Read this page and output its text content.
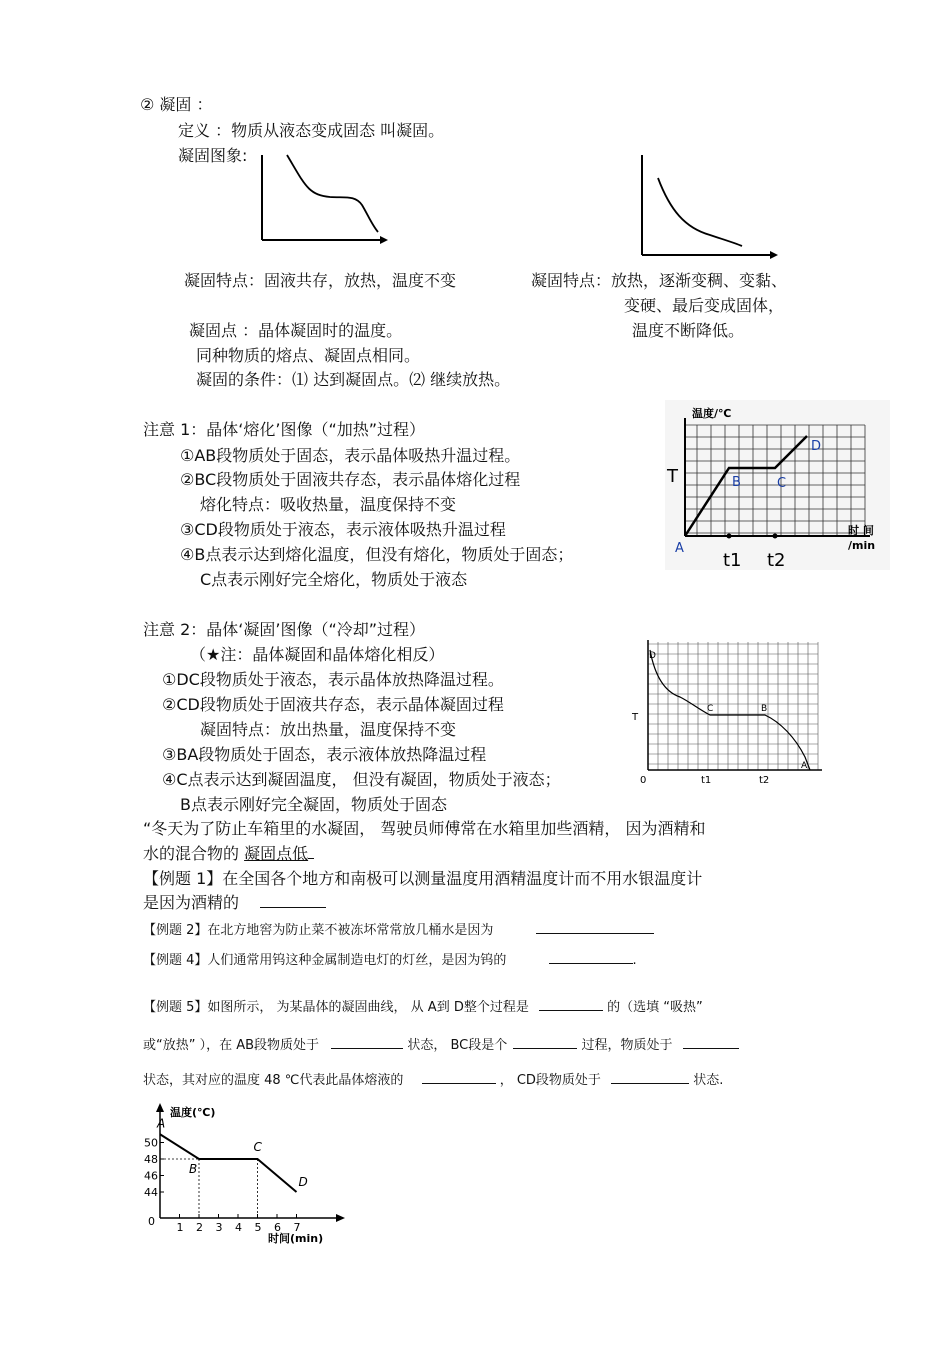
② 凝固 ：
定义 ：物质从液态变成固态 叫凝固。
凝固图象:
凝固特点：固液共存，放热，温度不变	凝固特点：放热，逐渐变稠、变黏、
变硬、最后变成固体，
凝固点 ：晶体凝固时的温度。	温度不断降低。
同种物质的熔点、凝固点相同。
凝固的条件：⑴ 达到凝固点。⑵ 继续放热。
注意 1：晶体‘熔化’图像（“加热”过程）
①AB段物质处于固态，表示晶体吸热升温过程。
②BC段物质处于固液共存态，表示晶体熔化过程
熔化特点：吸收热量，温度保持不变
③CD段物质处于液态，表示液体吸热升温过程
④B点表示达到熔化温度，但没有熔化，物质处于固态；
C点表示刚好完全熔化，物质处于液态
温度/℃
时 间
/min
T
A
B	C
D
t1 t2
注意 2：晶体‘凝固’图像（“冷却”过程）
（★注：晶体凝固和晶体熔化相反）
①DC段物质处于液态，表示晶体放热降温过程。
②CD段物质处于固液共存态，表示晶体凝固过程
凝固特点：放出热量，温度保持不变
③BA段物质处于固态，表示液体放热降温过程
④C点表示达到凝固温度， 但没有凝固，物质处于液态；
B点表示刚好完全凝固，物质处于固态
D
C	B
A
T
0	t1	t2
“冬天为了防止车箱里的水凝固， 驾驶员师傅常在水箱里加些酒精， 因为酒精和
水的混合物的 凝固点低
【例题 1】在全国各个地方和南极可以测量温度用酒精温度计而不用水银温度计
是因为酒精的
【例题 2】在北方地窖为防止菜不被冻坏常常放几桶水是因为
【例题 4】人们通常用钨这种金属制造电灯的灯丝，是因为钨的	.
【例题 5】如图所示， 为某晶体的凝固曲线， 从 A到 D整个过程是	的（选填 “吸热”
或“放热” ），在 AB段物质处于	状态， BC段是个	过程，物质处于
状态，其对应的温度 48 ℃代表此晶体熔液的	， CD段物质处于	状态.
1 2 3 4 5 6 7
50
48
46
44
A
B
C
D
温度(℃)
时间(min)
0
